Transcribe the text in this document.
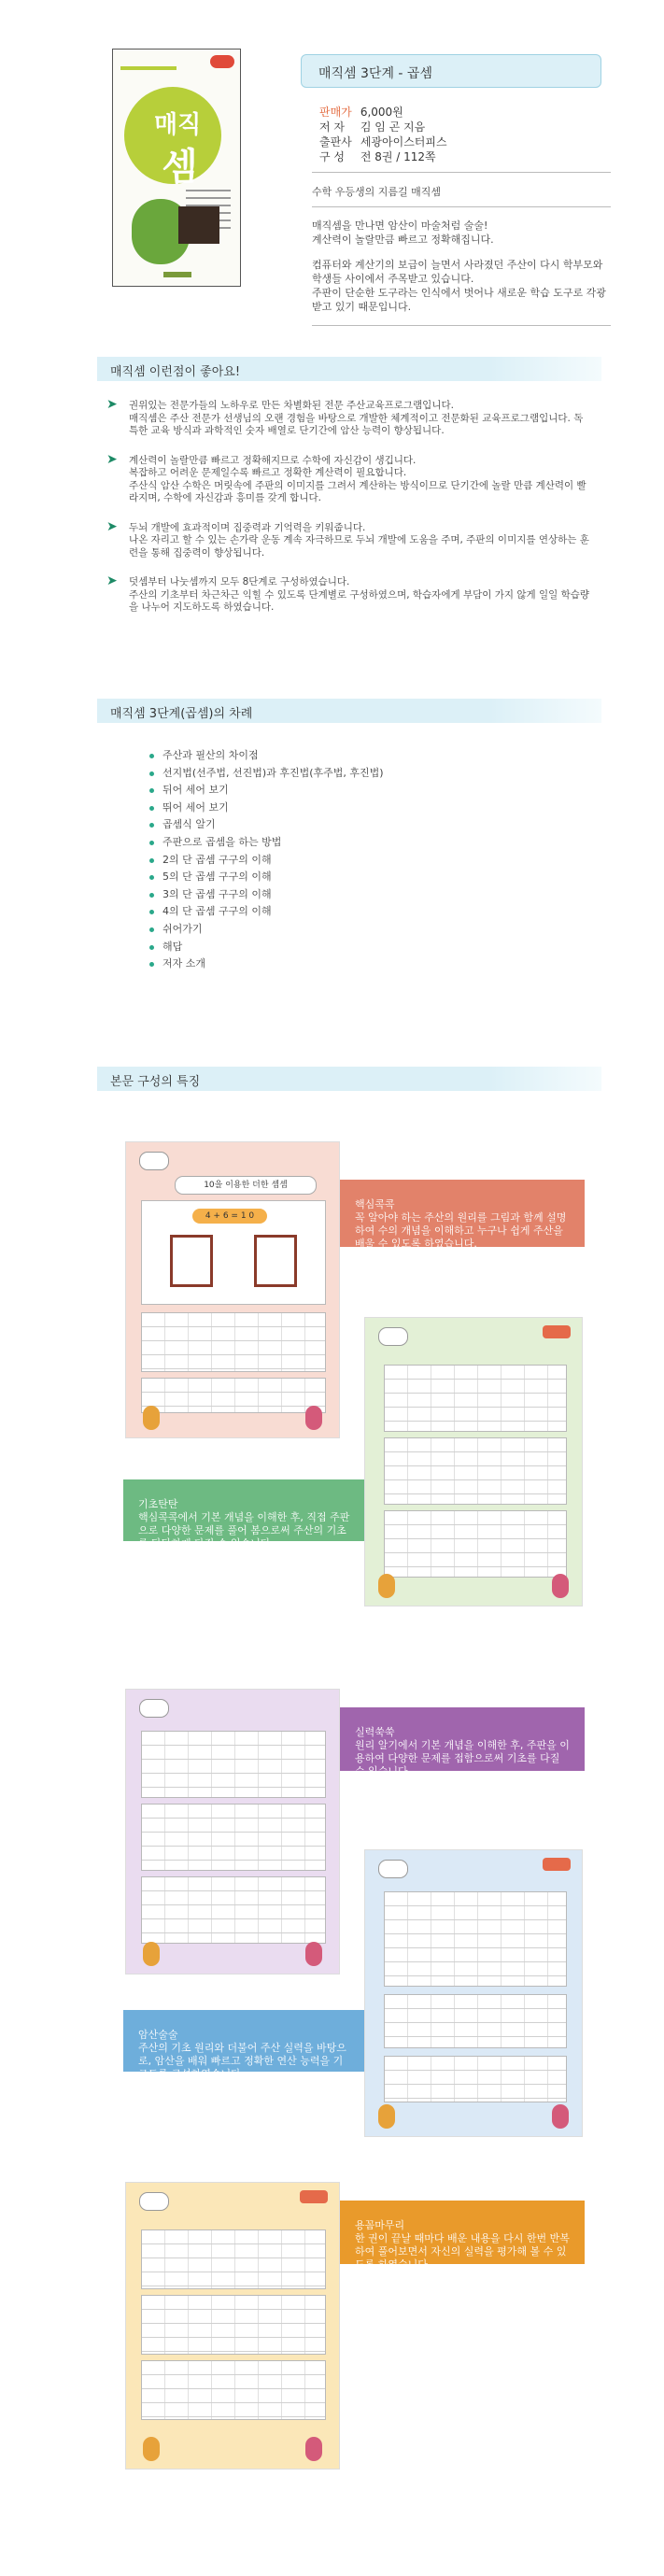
매직
셈
매직셈 3단계 - 곱셈
판매가 6,000원
저 자 김 임 곤 지음
출판사 세광아이스터피스
구 성 전 8권 / 112쪽

수학 우등생의 지름길 매직셈

매직셈을 만나면 암산이 마술처럼 술술!
계산력이 놀랄만큼 빠르고 정확해집니다.

컴퓨터와 계산기의 보급이 늘면서 사라졌던 주산이 다시 학부모와 학생들 사이에서 주목받고 있습니다.
주판이 단순한 도구라는 인식에서 벗어나 새로운 학습 도구로 각광 받고 있기 때문입니다.

매직셈 이런점이 좋아요!
➤ 권위있는 전문가들의 노하우로 만든 차별화된 전문 주산교육프로그램입니다.
매직셈은 주산 전문가 선생님의 오랜 경험을 바탕으로 개발한 체계적이고 전문화된 교육프로그램입니다. 독특한 교육 방식과 과학적인 숫자 배열로 단기간에 암산 능력이 향상됩니다.
➤ 계산력이 놀랄만큼 빠르고 정확해지므로 수학에 자신감이 생깁니다.
복잡하고 어려운 문제일수록 빠르고 정확한 계산력이 필요합니다.
주산식 암산 수학은 머릿속에 주판의 이미지를 그려서 계산하는 방식이므로 단기간에 놀랄 만큼 계산력이 빨라지며, 수학에 자신감과 흥미를 갖게 합니다.
➤ 두뇌 개발에 효과적이며 집중력과 기억력을 키워줍니다.
나온 자리고 할 수 있는 손가락 운동 계속 자극하므로 두뇌 개발에 도움을 주며, 주판의 이미지를 연상하는 훈련을 통해 집중력이 향상됩니다.
➤ 덧셈부터 나눗셈까지 모두 8단계로 구성하였습니다.
주산의 기초부터 차근차근 익힐 수 있도록 단계별로 구성하였으며, 학습자에게 부담이 가지 않게 일일 학습량을 나누어 지도하도록 하였습니다.
매직셈 3단계(곱셈)의 차례
주산과 필산의 차이점
선지법(선주법, 선진법)과 후진법(후주법, 후진법)
뒤어 세어 보기
뛰어 세어 보기
곱셈식 알기
주판으로 곱셈을 하는 방법
2의 단 곱셈 구구의 이해
5의 단 곱셈 구구의 이해
3의 단 곱셈 구구의 이해
4의 단 곱셈 구구의 이해
쉬어가기
해답
저자 소개
본문 구성의 특징
10을 이용한 더한 셈셈
4 + 6 = 1 0
핵심콕콕
꼭 알아야 하는 주산의 원리를 그림과 함께 설명하여 수의 개념을 이해하고 누구나 쉽게 주산을 배울 수 있도록 하였습니다.
기초탄탄
핵심콕콕에서 기본 개념을 이해한 후, 직접 주판으로 다양한 문제를 풀어 봄으로써 주산의 기초를 탄탄하게 다질 수 있습니다.
실력쑥쑥
원리 알기에서 기본 개념을 이해한 후, 주판을 이용하여 다양한 문제를 접함으로써 기초를 다질 수 있습니다.
암산술술
주산의 기초 원리와 더불어 주산 실력을 바탕으로, 암산을 배워 빠르고 정확한 연산 능력을 기르도록 구성하였습니다.
용꼼마무리
한 권이 끝날 때마다 배운 내용을 다시 한번 반복하여 풀어보면서 자신의 실력을 평가해 볼 수 있도록 하였습니다.
